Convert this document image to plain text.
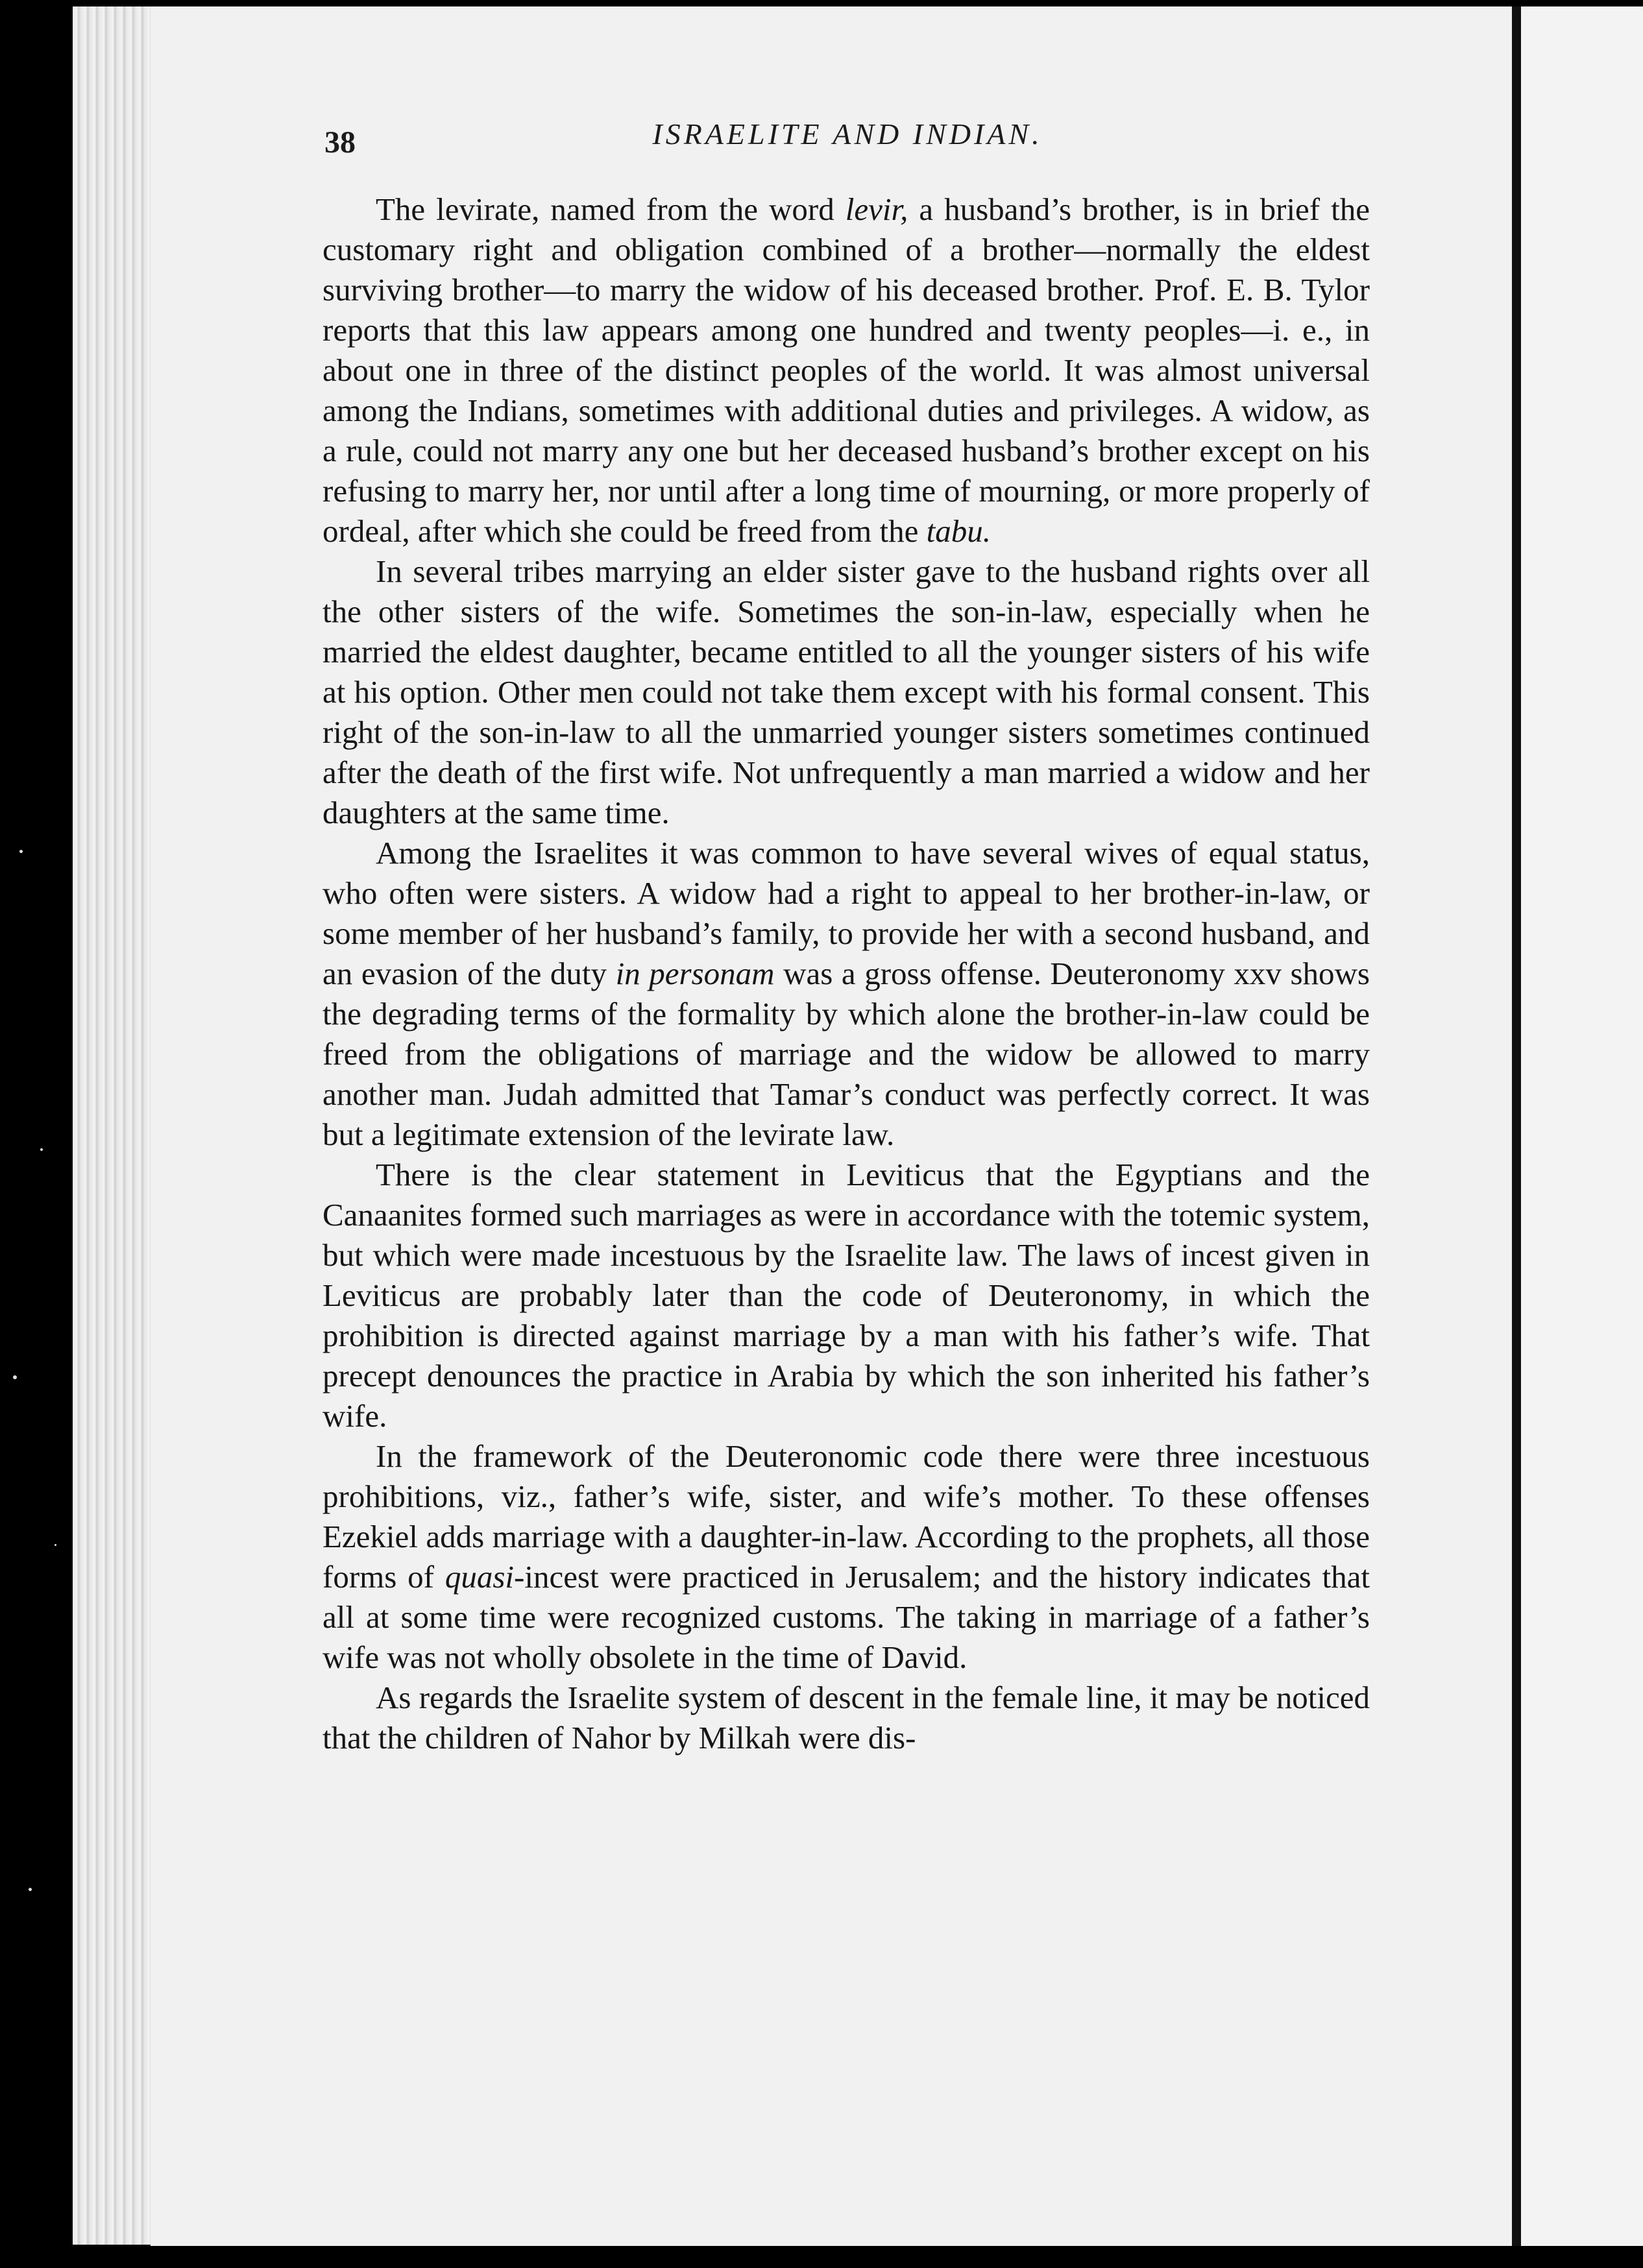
38	ISRAELITE AND INDIAN.

The levirate, named from the word levir, a husband’s brother, is in brief the customary right and obligation combined of a brother—normally the eldest surviving brother—to marry the widow of his deceased brother. Prof. E. B. Tylor reports that this law appears among one hundred and twenty peoples—i. e., in about one in three of the distinct peoples of the world. It was almost universal among the Indians, sometimes with additional duties and privileges. A widow, as a rule, could not marry any one but her deceased husband’s brother except on his refusing to marry her, nor until after a long time of mourning, or more properly of ordeal, after which she could be freed from the tabu.

In several tribes marrying an elder sister gave to the husband rights over all the other sisters of the wife. Sometimes the son-in-law, especially when he married the eldest daughter, became entitled to all the younger sisters of his wife at his option. Other men could not take them except with his formal consent. This right of the son-in-law to all the unmarried younger sisters sometimes continued after the death of the first wife. Not unfrequently a man married a widow and her daughters at the same time.

Among the Israelites it was common to have several wives of equal status, who often were sisters. A widow had a right to appeal to her brother-in-law, or some member of her husband’s family, to provide her with a second husband, and an evasion of the duty in personam was a gross offense. Deuteronomy xxv shows the degrading terms of the formality by which alone the brother-in-law could be freed from the obligations of marriage and the widow be allowed to marry another man. Judah admitted that Tamar’s conduct was perfectly correct. It was but a legitimate extension of the levirate law.

There is the clear statement in Leviticus that the Egyptians and the Canaanites formed such marriages as were in accordance with the totemic system, but which were made incestuous by the Israelite law. The laws of incest given in Leviticus are probably later than the code of Deuteronomy, in which the prohibition is directed against marriage by a man with his father’s wife. That precept denounces the practice in Arabia by which the son inherited his father’s wife.

In the framework of the Deuteronomic code there were three incestuous prohibitions, viz., father’s wife, sister, and wife’s mother. To these offenses Ezekiel adds marriage with a daughter-in-law. According to the prophets, all those forms of quasi-incest were practiced in Jerusalem; and the history indicates that all at some time were recognized customs. The taking in marriage of a father’s wife was not wholly obsolete in the time of David.

As regards the Israelite system of descent in the female line, it may be noticed that the children of Nahor by Milkah were dis-
